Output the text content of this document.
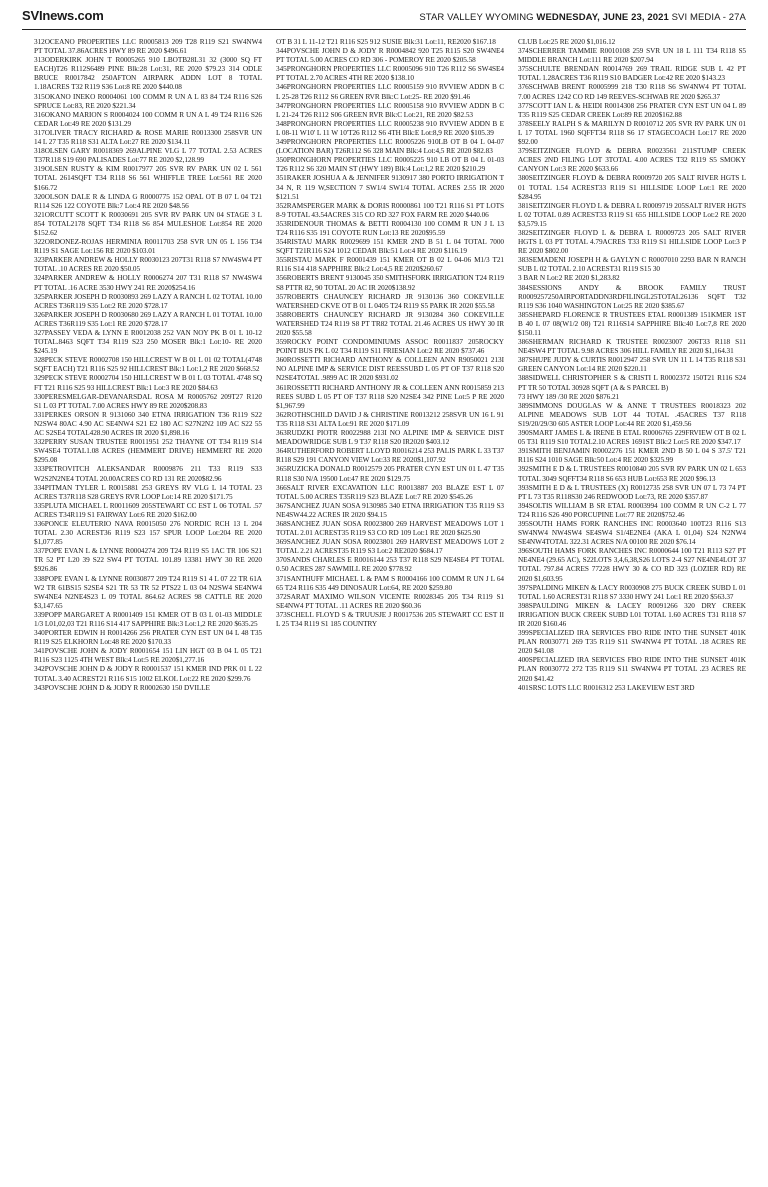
SVInews.com	STAR VALLEY WYOMING WEDNESDAY, JUNE 23, 2021 SVI MEDIA - 27A

312OCEANO PROPERTIES LLC R0005813 209 T28 R119 S21 SW4NW4 PT TOTAL 37.86ACRES HWY 89 RE 2020 $496.61

313ODERKIRK JOHN T R0005265 910 LBOTB28L31 32 (3000 SQ FT EACH)T26 R112S6489 PINE Blk:28 Lot:31, RE 2020 $79.23 314 ODLE BRUCE R0017842 250AFTON AIRPARK ADDN LOT 8 TOTAL 1.18ACRES T32 R119 S36 Lot:8 RE 2020 $440.08

315OKANO INEKO R0004061 100 COMM R UN A L 83 84 T24 R116 S26 SPRUCE Lot:83, RE 2020 $221.34

316OKANO MARION S R0004024 100 COMM R UN A L 49 T24 R116 S26 CEDAR Lot:49 RE 2020 $131.29

317OLIVER TRACY RICHARD & ROSE MARIE R0013300 258SVR UN 14 L 27 T35 R118 S31 ALTA Lot:27 RE 2020 $134.11

318OLSEN GARY R0018369 269ALPINE VLG L 77 TOTAL 2.53 ACRES T37R118 S19 690 PALISADES Lot:77 RE 2020 $2,128.99

319OLSEN RUSTY & KIM R0017977 205 SVR RV PARK UN 02 L 561 TOTAL 2614SQFT T34 R118 S6 561 WHIFFLE TREE Lot:561 RE 2020 $166.72

320OLSON DALE R & LINDA G R0000775 152 OPAL OT B 07 L 04 T21 R114 S26 122 COYOTE Blk:7 Lot:4 RE 2020 $48.56

321ORCUTT SCOTT K R0030691 205 SVR RV PARK UN 04 STAGE 3 L 854 TOTAL2178 SQFT T34 R118 S6 854 MULESHOE Lot:854 RE 2020 $152.62

322ORDONEZ-ROJAS HERMINIA R0011703 258 SVR UN 05 L 156 T34 R119 S1 SAGE Lot:156 RE 2020 $103.01

323PARKER ANDREW & HOLLY R0030123 207T31 R118 S7 NW4SW4 PT TOTAL .10 ACRES RE 2020 $50.05

324PARKER ANDREW & HOLLY R0006274 207 T31 R118 S7 NW4SW4 PT TOTAL .16 ACRE 3530 HWY 241 RE 2020$254.16

325PARKER JOSEPH D R0030893 269 LAZY A RANCH L 02 TOTAL 10.00 ACRES T36R119 S35 Lot:2 RE 2020 $728.17

326PARKER JOSEPH D R0030680 269 LAZY A RANCH L 01 TOTAL 10.00 ACRES T36R119 S35 Lot:1 RE 2020 $728.17

327PASSEY VEDA & LYNN E R0012038 252 VAN NOY PK B 01 L 10-12 TOTAL.8463 SQFT T34 R119 S23 250 MOSER Blk:1 Lot:10- RE 2020 $245.19

328PECK STEVE R0002708 150 HILLCREST W B 01 L 01 02 TOTAL(4748 SQFT EACH) T21 R116 S25 92 HILLCREST Blk:1 Lot:1,2 RE 2020 $668.52

329PECK STEVE R0002704 150 HILLCREST W B 01 L 03 TOTAL 4748 SQ FT T21 R116 S25 93 HILLCREST Blk:1 Lot:3 RE 2020 $84.63

330PERESMELGAR-DEVANARSDAL ROSA M R0005762 209T27 R120 S1 L 03 PT TOTAL 7.00 ACRES HWY 89 RE 2020$208.83

331PERKES ORSON R 9131060 340 ETNA IRRIGATION T36 R119 S22 N2SW4 80AC 4.90 AC SE4NW4 S21 E2 180 AC S27N2N2 109 AC S22 55 AC S2SE4 TOTAL428.90 ACRES IR 2020 $1,898.16

332PERRY SUSAN TRUSTEE R0011951 252 THAYNE OT T34 R119 S14 SW4SE4 TOTAL1.08 ACRES (HEMMERT DRIVE) HEMMERT RE 2020 $295.08

333PETROVITCH ALEKSANDAR R0009876 211 T33 R119 S33 W2S2N2NE4 TOTAL 20.00ACRES CO RD 131 RE 2020$82.96

334PITMAN TYLER L R0015881 253 GREYS RV VLG L 14 TOTAL 23 ACRES T37R118 S28 GREYS RVR LOOP Lot:14 RE 2020 $171.75

335PLUTA MICHAEL L R0011609 205STEWART CC EST L 06 TOTAL .57 ACRES T34R119 S1 FAIRWAY Lot:6 RE 2020 $162.00

336PONCE ELEUTERIO NAVA R0015050 276 NORDIC RCH 13 L 204 TOTAL 2.30 ACREST36 R119 S23 157 SPUR LOOP Lot:204 RE 2020 $1,077.85

337POPE EVAN L & LYNNE R0004274 209 T24 R119 S5 1AC TR 106 S21 TR 52 PT L20 39 S22 SW4 PT TOTAL 101.89 13381 HWY 30 RE 2020 $926.86

338POPE EVAN L & LYNNE R0030877 209 T24 R119 S1 4 L 07 22 TR 61A W2 TR 61BS15 S2SE4 S21 TR 53 TR 52 PTS22 L 03 04 N2SW4 SE4NW4 SW4NE4 N2NE4S23 L 09 TOTAL 864.62 ACRES 98 CATTLE RE 2020 $3,147.65

339POPP MARGARET A R0001409 151 KMER OT B 03 L 01-03 MIDDLE 1/3 L01,02,03 T21 R116 S14 417 SAPPHIRE Blk:3 Lot:1,2 RE 2020 $635.25

340PORTER EDWIN H R0014266 256 PRATER CYN EST UN 04 L 48 T35 R119 S25 ELKHORN Lot:48 RE 2020 $170.33

341POVSCHE JOHN & JODY R0001654 151 LIN HGT 03 B 04 L 05 T21 R116 S23 1125 4TH WEST Blk:4 Lot:5 RE 2020$1,277.16

342POVSCHE JOHN D & JODY R R0001537 151 KMER IND PRK 01 L 22 TOTAL 3.40 ACREST21 R116 S15 1002 ELKOL Lot:22 RE 2020 $299.76

343POVSCHE JOHN D & JODY R R0002630 150 DVILLE

OT B 31 L 11-12 T21 R116 S25 912 SUSIE Blk:31 Lot:11, RE2020 $167.18

344POVSCHE JOHN D & JODY R R0004842 920 T25 R115 S20 SW4NE4 PT TOTAL 5.00 ACRES CO RD 306 - POMEROY RE 2020 $205.58

345PRONGHORN PROPERTIES LLC R0005096 910 T26 R112 S6 SW4SE4 PT TOTAL 2.70 ACRES 4TH RE 2020 $138.10

346PRONGHORN PROPERTIES LLC R0005159 910 RVVIEW ADDN B C L 25-28 T26 R112 S6 GREEN RVR Blk:C Lot:25- RE 2020 $91.46

347PRONGHORN PROPERTIES LLC R0005158 910 RVVIEW ADDN B C L 21-24 T26 R112 S06 GREEN RVR Blk:C Lot:21, RE 2020 $82.53

348PRONGHORN PROPERTIES LLC R0005238 910 RVVIEW ADDN B E L 08-11 W10' L 11 W 10'T26 R112 S6 4TH Blk:E Lot:8,9 RE 2020 $105.39

349PRONGHORN PROPERTIES LLC R0005226 910LB OT B 04 L 04-07 (LOCATION BAR) T26R112 S6 328 MAIN Blk:4 Lot:4,5 RE 2020 $82.83

350PRONGHORN PROPERTIES LLC R0005225 910 LB OT B 04 L 01-03 T26 R112 S6 320 MAIN ST (HWY 189) Blk:4 Lot:1,2 RE 2020 $210.29

351RAKER JOSHUA A & JENNIFER 9130917 380 PORTO IRRIGATION T 34 N, R 119 W,SECTION 7 SW1/4 SW1/4 TOTAL ACRES 2.55 IR 2020 $121.51

352RAMSPERGER MARK & DORIS R0000861 100 T21 R116 S1 PT LOTS 8-9 TOTAL 43.54ACRES 315 CO RD 327 FOX FARM RE 2020 $440.06

353RIDENOUR THOMAS & BETTI R0004130 100 COMM R UN J L 13 T24 R116 S35 191 COYOTE RUN Lot:13 RE 2020$95.59

354RISTAU MARK R0029699 151 KMER 2ND B 51 L 04 TOTAL 7000 SQFT T21R116 S24 1012 CEDAR Blk:51 Lot:4 RE 2020 $116.19

355RISTAU MARK F R0001439 151 KMER OT B 02 L 04-06 M1/3 T21 R116 S14 418 SAPPHIRE Blk:2 Lot:4,5 RE 2020$260.67

356ROBERTS BRENT 9130045 350 SMITHSFORK IRRIGATION T24 R119 S8 PTTR 82, 90 TOTAL 20 AC IR 2020$138.92

357ROBERTS CHAUNCEY RICHARD JR 9130136 360 COKEVILLE WATERSHED CKVE OT B 01 L 0405 T24 R119 S5 PARK IR 2020 $55.58

358ROBERTS CHAUNCEY RICHARD JR 9130284 360 COKEVILLE WATERSHED T24 R119 S8 PT TR82 TOTAL 21.46 ACRES US HWY 30 IR 2020 $55.58

359ROCKY POINT CONDOMINIUMS ASSOC R0011837 205ROCKY POINT BUS PK L 02 T34 R119 S11 FRIESIAN Lot:2 RE 2020 $737.46

360ROSSETTI RICHARD ANTHONY & COLLEEN ANN R9050021 213I NO ALPINE IMP & SERVICE DIST REESSUBD L 05 PT OF T37 R118 S20 N2SE4TOTAL .9899 AC IR 2020 $931.02

361ROSSETTI RICHARD ANTHONY JR & COLLEEN ANN R0015859 213 REES SUBD L 05 PT OF T37 R118 S20 N2SE4 342 PINE Lot:5 P RE 2020 $1,967.99

362ROTHSCHILD DAVID J & CHRISTINE R0013212 258SVR UN 16 L 91 T35 R118 S31 ALTA Lot:91 RE 2020 $171.09

363RUDZKI PIOTR R0022988 213I NO ALPINE IMP & SERVICE DIST MEADOWRIDGE SUB L 9 T37 R118 S20 IR2020 $403.12

364RUTHERFORD ROBERT LLOYD R0016214 253 PALIS PARK L 33 T37 R118 S29 191 CANYON VIEW Lot:33 RE 2020$1,107.92

365RUZICKA DONALD R0012579 205 PRATER CYN EST UN 01 L 47 T35 R118 S30 N/A 19500 Lot:47 RE 2020 $129.75

366SALT RIVER EXCAVATION LLC R0013887 203 BLAZE EST L 07 TOTAL 5.00 ACRES T35R119 S23 BLAZE Lot:7 RE 2020 $545.26

367SANCHEZ JUAN SOSA 9130985 340 ETNA IRRIGATION T35 R119 S3 NE4SW44.22 ACRES IR 2020 $94.15

368SANCHEZ JUAN SOSA R0023800 269 HARVEST MEADOWS LOT 1 TOTAL 2.01 ACREST35 R119 S3 CO RD 109 Lot:1 RE 2020 $625.90

369SANCHEZ JUAN SOSA R0023801 269 HARVEST MEADOWS LOT 2 TOTAL 2.21 ACREST35 R119 S3 Lot:2 RE2020 $684.17

370SANDS CHARLES E R0016144 253 T37 R118 S29 NE4SE4 PT TOTAL 0.50 ACRES 287 SAWMILL RE 2020 $778.92

371SANTHUFF MICHAEL L & PAM S R0004166 100 COMM R UN J L 64 65 T24 R116 S35 449 DINOSAUR Lot:64, RE 2020 $259.80

372SARAT MAXIMO WILSON VICENTE R0028345 205 T34 R119 S1 SE4NW4 PT TOTAL .11 ACRES RE 2020 $60.36

373SCHELL FLOYD S & TRUUSJE J R0017536 205 STEWART CC EST II L 25 T34 R119 S1 185 COUNTRY

CLUB Lot:25 RE 2020 $1,016.12

374SCHERRER TAMMIE R0010108 259 SVR UN 18 L 111 T34 R118 S5 MIDDLE BRANCH Lot:111 RE 2020 $207.94

375SCHULTE BRENDAN R0014769 269 TRAIL RIDGE SUB L 42 PT TOTAL 1.28ACRES T36 R119 S10 BADGER Lot:42 RE 2020 $143.23

376SCHWAB BRENT R0005999 218 T30 R118 S6 SW4NW4 PT TOTAL 7.00 ACRES 1242 CO RD 149 REEVES-SCHWAB RE 2020 $265.37

377SCOTT IAN L & HEIDI R0014308 256 PRATER CYN EST UN 04 L 89 T35 R119 S25 CEDAR CREEK Lot:89 RE 2020$162.88

378SEELY RALPH S & MARILYN D R0010712 205 SVR RV PARK UN 01 L 17 TOTAL 1960 SQFFT34 R118 S6 17 STAGECOACH Lot:17 RE 2020 $92.00

379SEITZINGER FLOYD & DEBRA R0023561 211STUMP CREEK ACRES 2ND FILING LOT 3TOTAL 4.00 ACRES T32 R119 S5 SMOKY CANYON Lot:3 RE 2020 $633.66

380SEITZINGER FLOYD & DEBRA R0009720 205 SALT RIVER HGTS L 01 TOTAL 1.54 ACREST33 R119 S1 HILLSIDE LOOP Lot:1 RE 2020 $284.95

381SEITZINGER FLOYD L & DEBRA L R0009719 205SALT RIVER HGTS L 02 TOTAL 0.89 ACREST33 R119 S1 655 HILLSIDE LOOP Lot:2 RE 2020 $3,579.15

382SEITZINGER FLOYD L & DEBRA L R0009723 205 SALT RIVER HGTS L 03 PT TOTAL 4.79ACRES T33 R119 S1 HILLSIDE LOOP Lot:3 P RE 2020 $802.00

383SEMADENI JOSEPH H & GAYLYN C R0007010 2293 BAR N RANCH SUB L 02 TOTAL 2.10 ACREST31 R119 S15 30

3 BAR N Lot:2 RE 2020 $1,283.82

384SESSIONS ANDY & BROOK FAMILY TRUST R0009257250AIRPORTADDN3RDFILINGL25TOTAL26136 SQFT T32 R119 S36 1040 WASHINGTON Lot:25 RE 2020 $385.67

385SHEPARD FLORENCE R TRUSTEES ETAL R0001389 151KMER 1ST B 40 L 07 08(W1/2 08) T21 R116S14 SAPPHIRE Blk:40 Lot:7,8 RE 2020 $150.11

386SHERMAN RICHARD K TRUSTEE R0023007 206T33 R118 S11 NE4SW4 PT TOTAL 9.98 ACRES 306 HILL FAMILY RE 2020 $1,164.31

387SHUPE JUDY & CURTIS R0012947 258 SVR UN 11 L 14 T35 R118 S31 GREEN CANYON Lot:14 RE 2020 $220.11

388SIDWELL CHRISTOPHER S & CRISTI L R0002372 150T21 R116 S24 PT TR 50 TOTAL 30928 SQFT (A & S PARCEL B)

73 HWY 189 /30 RE 2020 $876.21

389SIMMONS DOUGLAS W & ANNE T TRUSTEES R0018323 202 ALPINE MEADOWS SUB LOT 44 TOTAL .45ACRES T37 R118 S19/20/29/30 605 ASTER LOOP Lot:44 RE 2020 $1,459.56

390SMART JAMES L & IRENE B ETAL R0006765 229FRVIEW OT B 02 L 05 T31 R119 S10 TOTAL2.10 ACRES 1691ST Blk:2 Lot:5 RE 2020 $347.17

391SMITH BENJAMIN R0002276 151 KMER 2ND B 50 L 04 S 37.5' T21 R116 S24 1010 SAGE Blk:50 Lot:4 RE 2020 $325.99

392SMITH E D & L TRUSTEES R0010840 205 SVR RV PARK UN 02 L 653 TOTAL 3049 SQFFT34 R118 S6 653 HUB Lot:653 RE 2020 $96.13

393SMITH E D & L TRUSTEES (X) R0012735 258 SVR UN 07 L 73 74 PT PT L 73 T35 R118S30 246 REDWOOD Lot:73, RE 2020 $357.87

394SOLTIS WILLIAM B SR ETAL R0003994 100 COMM R UN C-2 L 77 T24 R116 S26 490 PORCUPINE Lot:77 RE 2020$752.46

395SOUTH HAMS FORK RANCHES INC R0003640 100T23 R116 S13 SW4NW4 NW4SW4 SE4SW4 S1/4E2NE4 (AKA L 01,04) S24 N2NW4 SE4NW4TOTAL 322.31 ACRES N/A 00100 RE 2020 $76.14

396SOUTH HAMS FORK RANCHES INC R0000644 100 T21 R113 S27 PT NE4NE4 (29.65 AC), S22LOTS 3,4,6,38,S26 LOTS 2-4 S27 NE4NE4LOT 37 TOTAL 797.84 ACRES 77228 HWY 30 & CO RD 323 (LOZIER RD) RE 2020 $1,603.95

397SPALDING MIKEN & LACY R0030908 275 BUCK CREEK SUBD L 01 TOTAL 1.60 ACREST31 R118 S7 3330 HWY 241 Lot:1 RE 2020 $563.37

398SPAULDING MIKEN & LACEY R0091266 320 DRY CREEK IRRIGATION BUCK CREEK SUBD L01 TOTAL 1.60 ACRES T31 R118 S7 IR 2020 $160.46

399SPECIALIZED IRA SERVICES FBO RIDE INTO THE SUNSET 401K PLAN R0030771 269 T35 R119 S11 SW4NW4 PT TOTAL .18 ACRES RE 2020 $41.08

400SPECIALIZED IRA SERVICES FBO RIDE INTO THE SUNSET 401K PLAN R0030772 272 T35 R119 S11 SW4NW4 PT TOTAL .23 ACRES RE 2020 $41.42

401SRSC LOTS LLC R0016312 253 LAKEVIEW EST 3RD
